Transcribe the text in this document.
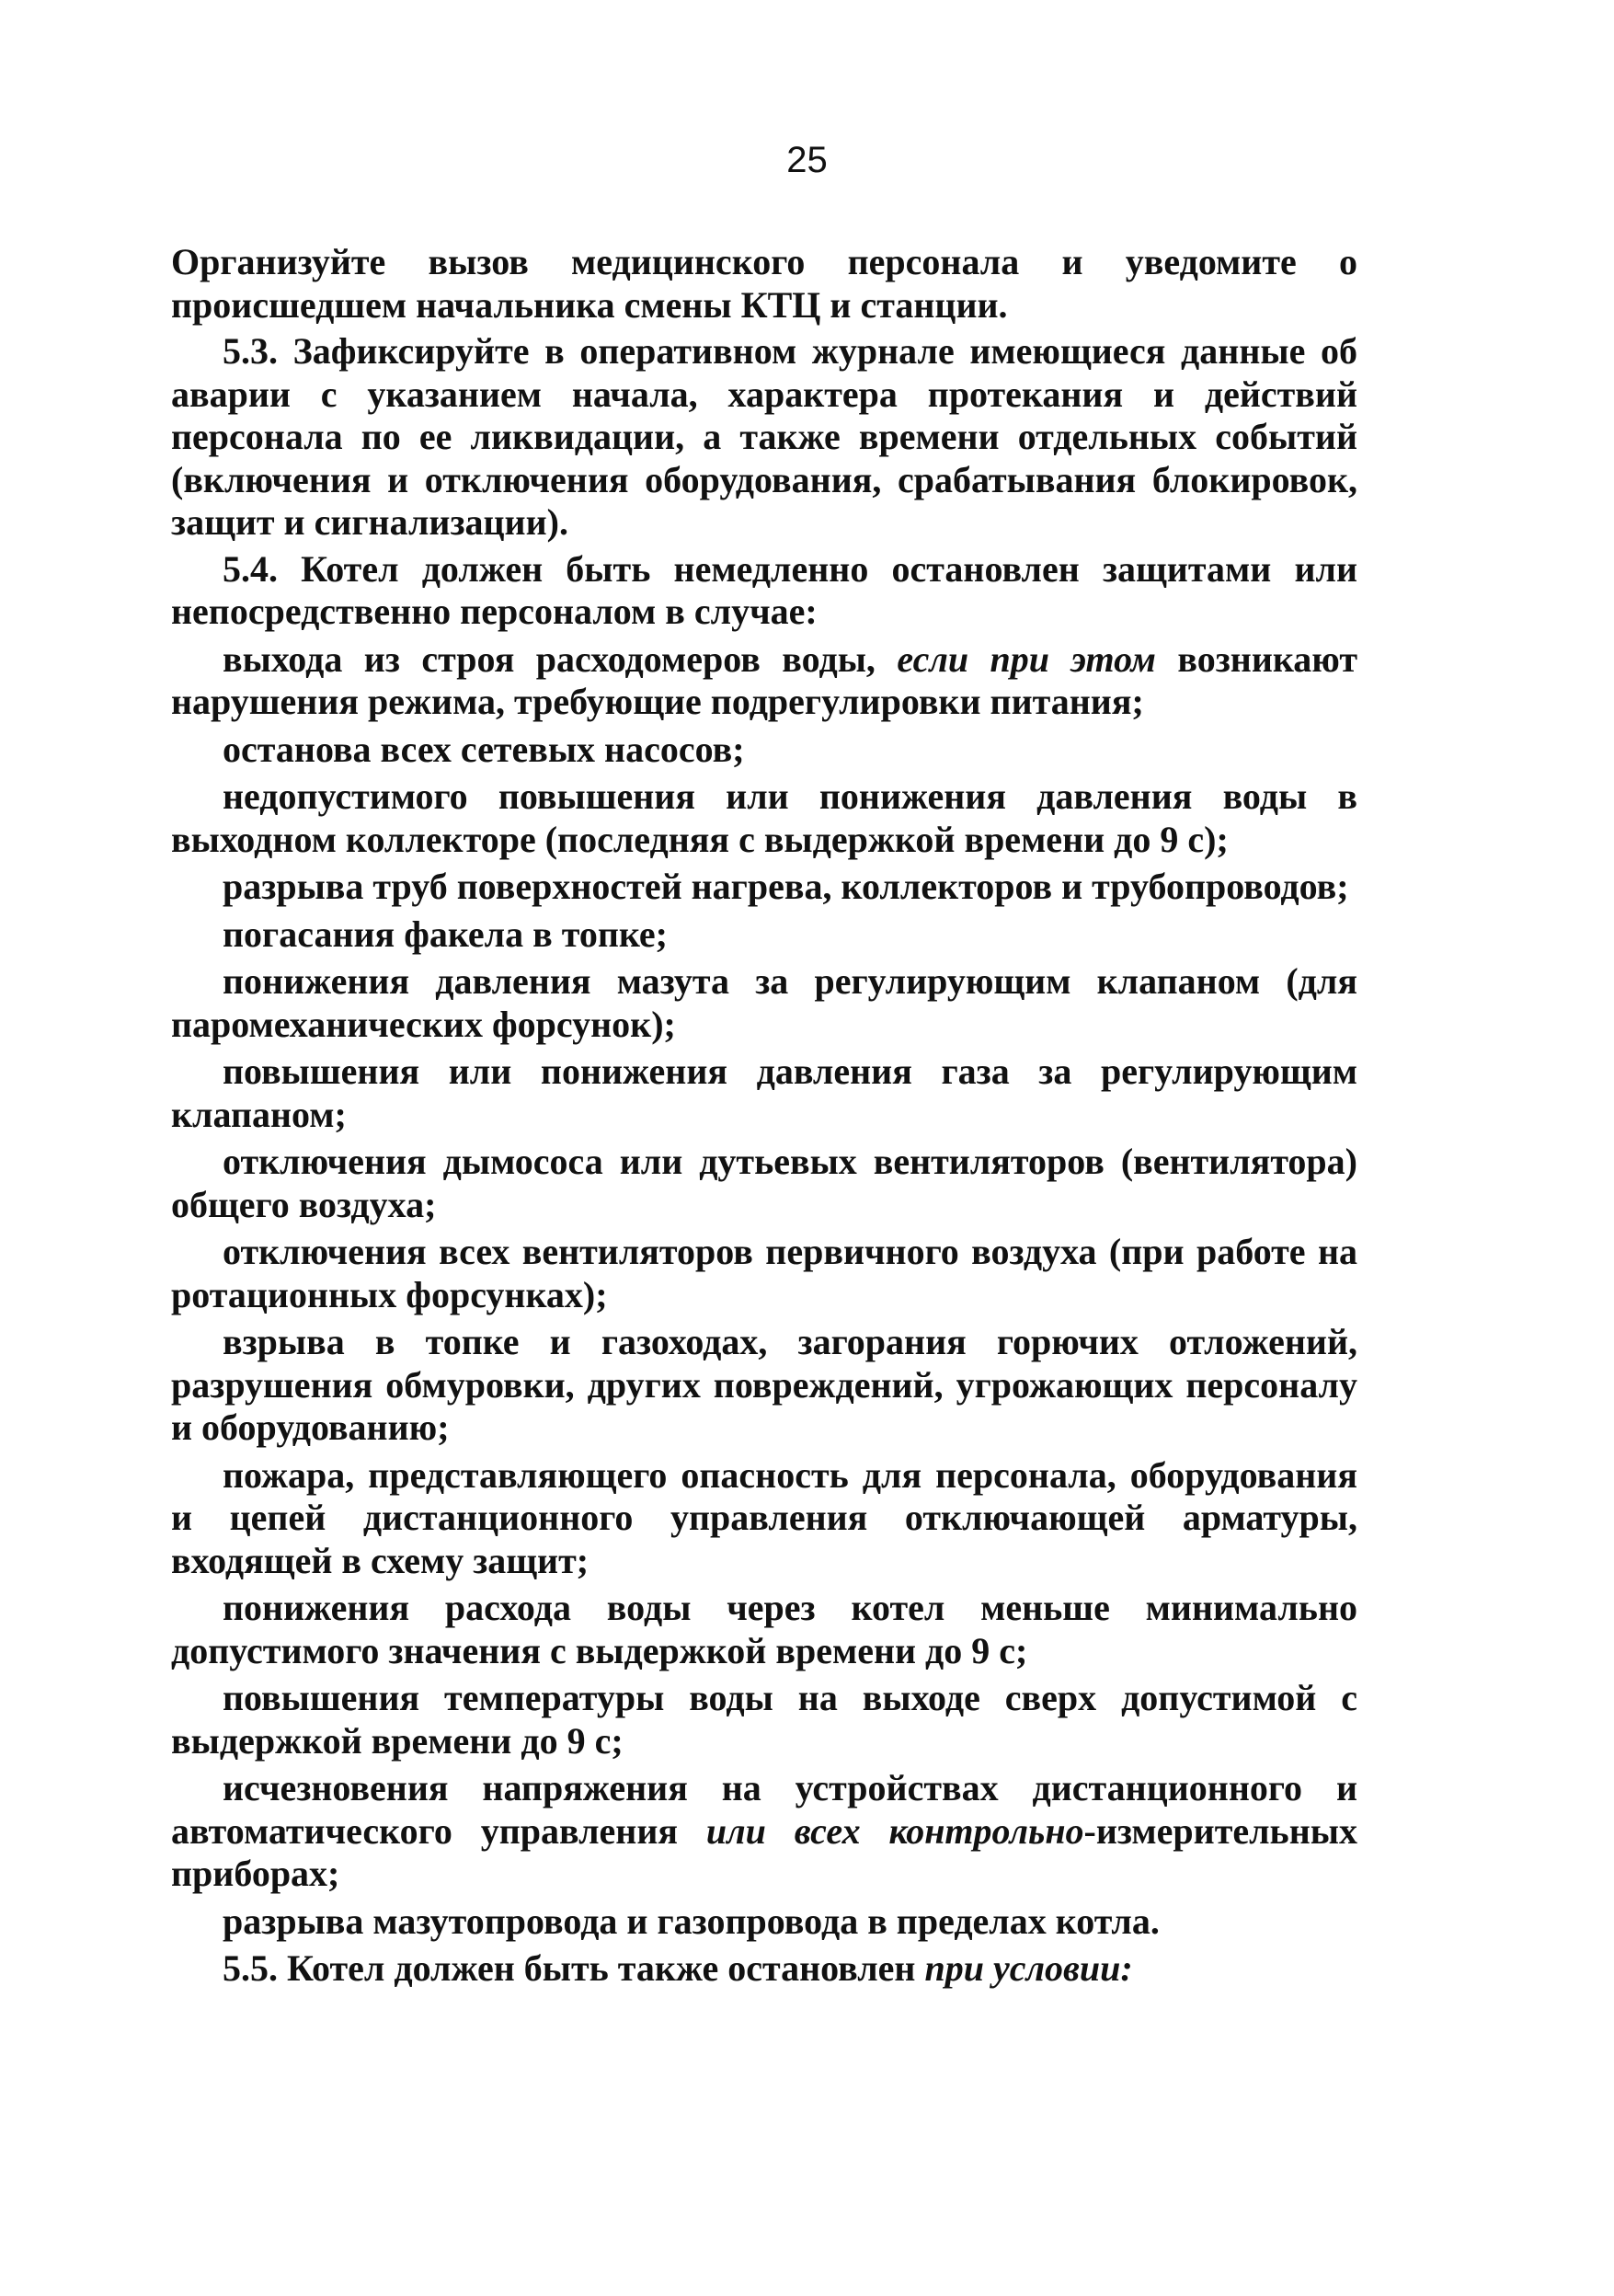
25

Организуйте вызов медицинского персонала и уведомите о происшедшем начальника смены КТЦ и станции.

5.3. Зафиксируйте в оперативном журнале имеющиеся данные об аварии с указанием начала, характера протекания и действий персонала по ее ликвидации, а также времени отдельных событий (включения и отключения оборудования, срабатывания блокировок, защит и сигнализации).

5.4. Котел должен быть немедленно остановлен защитами или непосредственно персоналом в случае:

выхода из строя расходомеров воды, если при этом возникают нарушения режима, требующие подрегулировки питания;

останова всех сетевых насосов;

недопустимого повышения или понижения давления воды в выходном коллекторе (последняя с выдержкой времени до 9 с);

разрыва труб поверхностей нагрева, коллекторов и трубопроводов;

погасания факела в топке;

понижения давления мазута за регулирующим клапаном (для паромеханических форсунок);

повышения или понижения давления газа за регулирующим клапаном;

отключения дымососа или дутьевых вентиляторов (вентилятора) общего воздуха;

отключения всех вентиляторов первичного воздуха (при работе на ротационных форсунках);

взрыва в топке и газоходах, загорания горючих отложений, разрушения обмуровки, других повреждений, угрожающих персоналу и оборудованию;

пожара, представляющего опасность для персонала, оборудования и цепей дистанционного управления отключающей арматуры, входящей в схему защит;

понижения расхода воды через котел меньше минимально допустимого значения с выдержкой времени до 9 с;

повышения температуры воды на выходе сверх допустимой с выдержкой времени до 9 с;

исчезновения напряжения на устройствах дистанционного и автоматического управления или всех контрольно-измерительных приборах;

разрыва мазутопровода и газопровода в пределах котла.

5.5. Котел должен быть также остановлен при условии:
